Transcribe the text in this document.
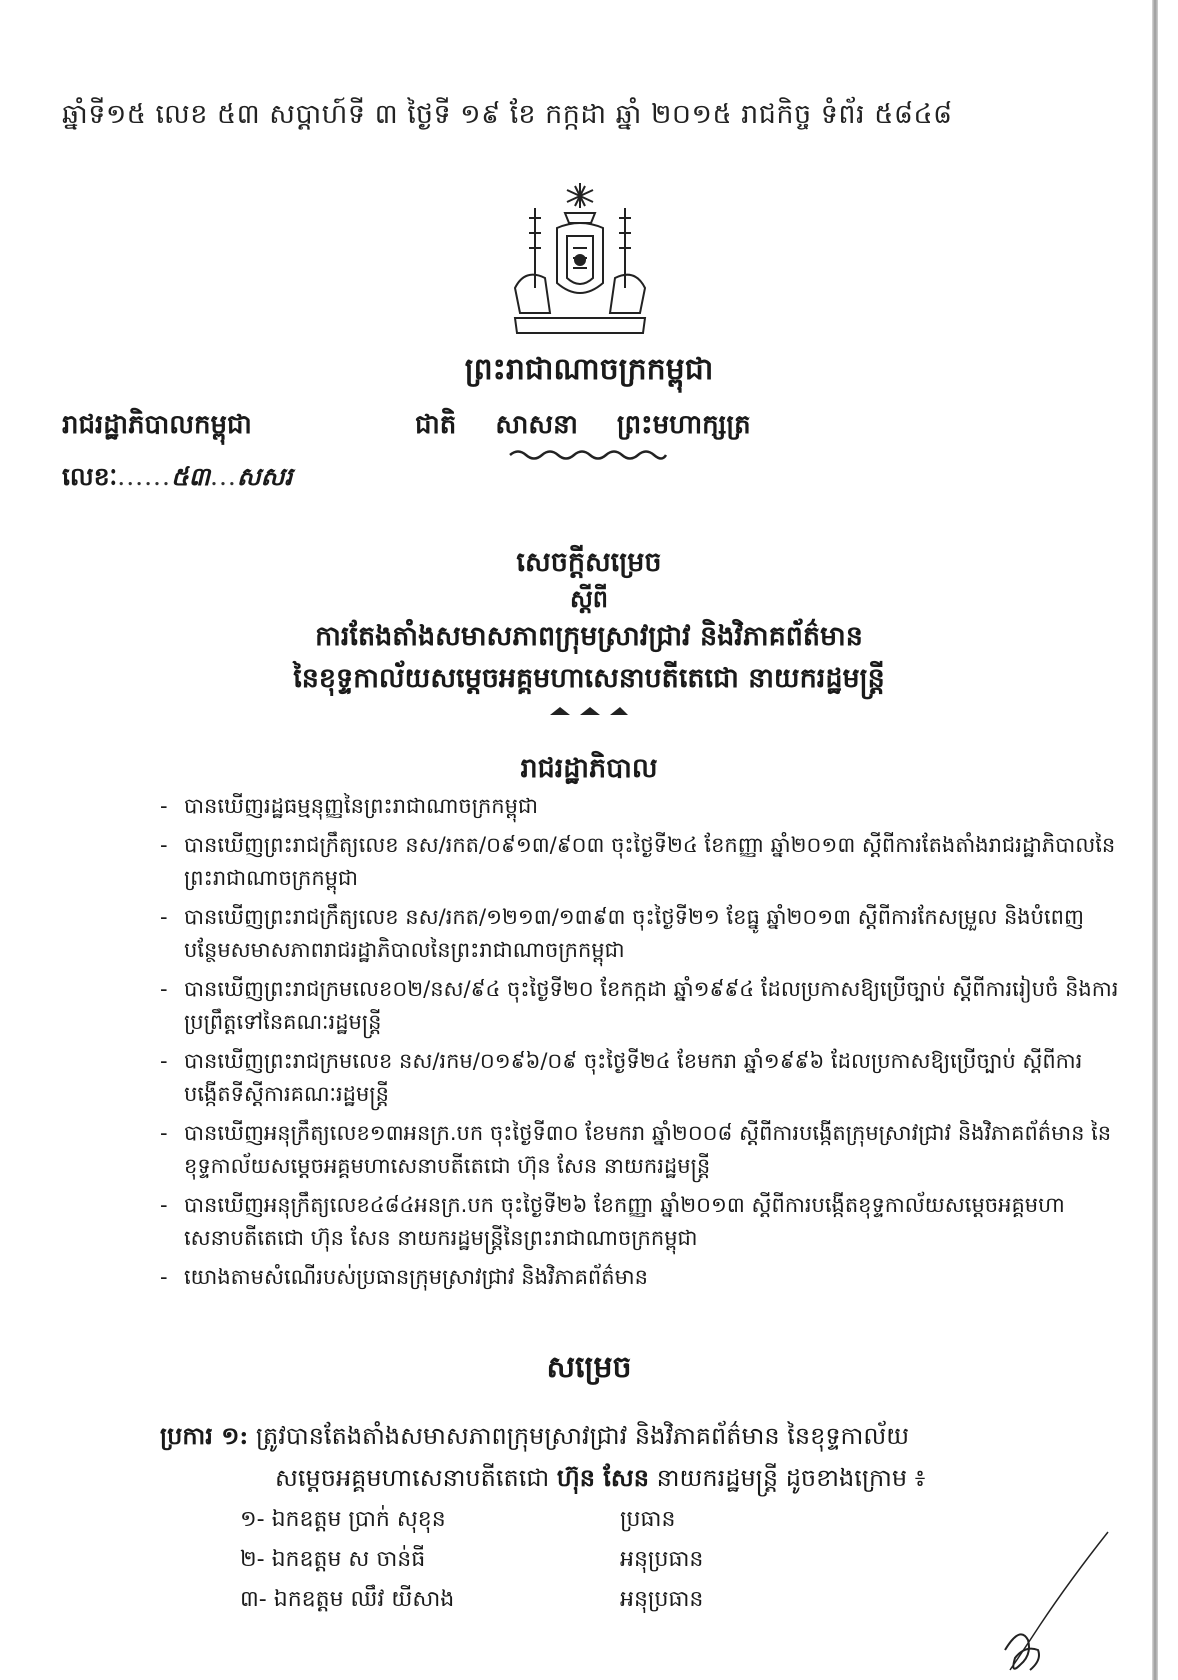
ឆ្នាំទី១៥ លេខ ៥៣ សប្តាហ៍ទី ៣ ថ្ងៃទី ១៩ ខែ កក្កដា ឆ្នាំ ២០១៥ រាជកិច្ច ទំព័រ ៥៨៤៨
ព្រះរាជាណាចក្រកម្ពុជា
ជាតិ សាសនា ព្រះមហាក្សត្រ
រាជរដ្ឋាភិបាលកម្ពុជា
លេខៈ......៥៣...សសរ
សេចក្តីសម្រេច
ស្តីពី
ការតែងតាំងសមាសភាពក្រុមស្រាវជ្រាវ និងវិភាគព័ត៌មាន
នៃខុទ្ទកាល័យសម្តេចអគ្គមហាសេនាបតីតេជោ នាយករដ្ឋមន្ត្រី
រាជរដ្ឋាភិបាល
- បានឃើញរដ្ឋធម្មនុញ្ញនៃព្រះរាជាណាចក្រកម្ពុជា
- បានឃើញព្រះរាជក្រឹត្យលេខ នស/រកត/០៩១៣/៩០៣ ចុះថ្ងៃទី២៤ ខែកញ្ញា ឆ្នាំ២០១៣ ស្តីពីការតែងតាំងរាជរដ្ឋាភិបាលនៃព្រះរាជាណាចក្រកម្ពុជា
- បានឃើញព្រះរាជក្រឹត្យលេខ នស/រកត/១២១៣/១៣៩៣ ចុះថ្ងៃទី២១ ខែធ្នូ ឆ្នាំ២០១៣ ស្តីពីការកែសម្រួល និងបំពេញបន្ថែមសមាសភាពរាជរដ្ឋាភិបាលនៃព្រះរាជាណាចក្រកម្ពុជា
- បានឃើញព្រះរាជក្រមលេខ០២/នស/៩៤ ចុះថ្ងៃទី២០ ខែកក្កដា ឆ្នាំ១៩៩៤ ដែលប្រកាសឱ្យប្រើច្បាប់ ស្តីពីការរៀបចំ និងការប្រព្រឹត្តទៅនៃគណៈរដ្ឋមន្ត្រី
- បានឃើញព្រះរាជក្រមលេខ នស/រកម/០១៩៦/០៩ ចុះថ្ងៃទី២៤ ខែមករា ឆ្នាំ១៩៩៦ ដែលប្រកាសឱ្យប្រើច្បាប់ ស្តីពីការបង្កើតទីស្តីការគណៈរដ្ឋមន្ត្រី
- បានឃើញអនុក្រឹត្យលេខ១៣អនក្រ.បក ចុះថ្ងៃទី៣០ ខែមករា ឆ្នាំ២០០៨ ស្តីពីការបង្កើតក្រុមស្រាវជ្រាវ និងវិភាគព័ត៌មាន នៃខុទ្ទកាល័យសម្តេចអគ្គមហាសេនាបតីតេជោ ហ៊ុន សែន នាយករដ្ឋមន្ត្រី
- បានឃើញអនុក្រឹត្យលេខ៤៨៤អនក្រ.បក ចុះថ្ងៃទី២៦ ខែកញ្ញា ឆ្នាំ២០១៣ ស្តីពីការបង្កើតខុទ្ទកាល័យសម្តេចអគ្គមហាសេនាបតីតេជោ ហ៊ុន សែន នាយករដ្ឋមន្ត្រីនៃព្រះរាជាណាចក្រកម្ពុជា
- យោងតាមសំណើរបស់ប្រធានក្រុមស្រាវជ្រាវ និងវិភាគព័ត៌មាន
សម្រេច
ប្រការ ១: ត្រូវបានតែងតាំងសមាសភាពក្រុមស្រាវជ្រាវ និងវិភាគព័ត៌មាន នៃខុទ្ទកាល័យ
សម្តេចអគ្គមហាសេនាបតីតេជោ ហ៊ុន សែន នាយករដ្ឋមន្ត្រី ដូចខាងក្រោម ៖
១- ឯកឧត្តម ប្រាក់ សុខុន	ប្រធាន
២- ឯកឧត្តម ស ចាន់ធី	អនុប្រធាន
៣- ឯកឧត្តម ឈឹវ យីសាង	អនុប្រធាន
